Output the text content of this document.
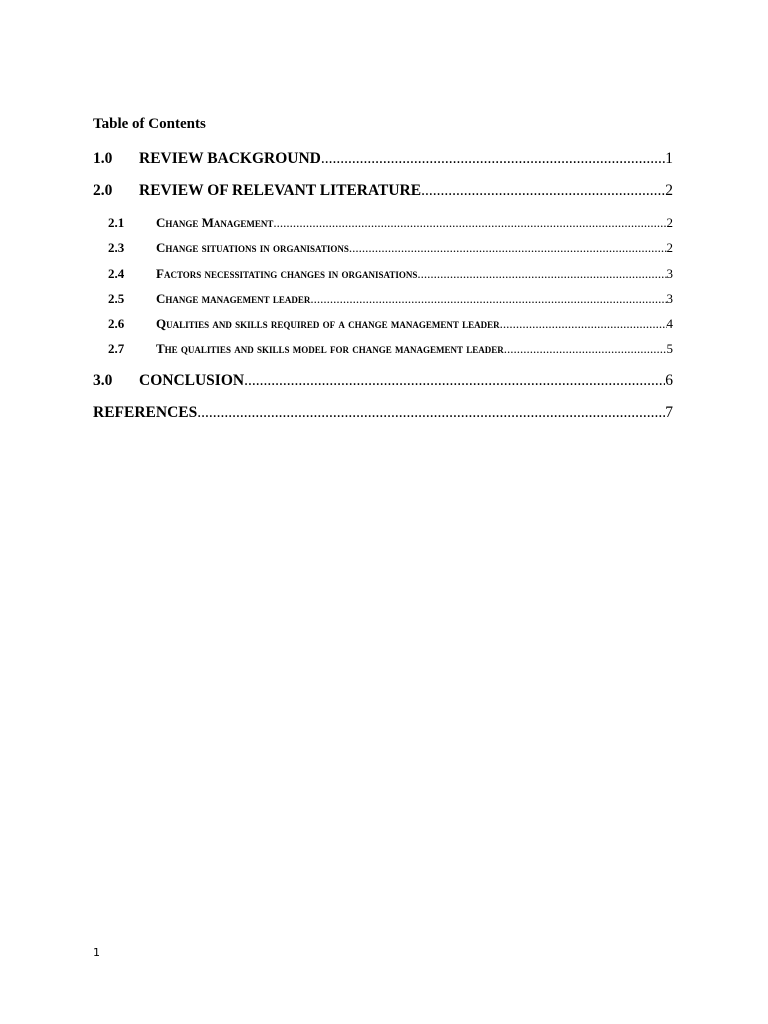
Table of Contents
1.0	REVIEW BACKGROUND .....	1
2.0	REVIEW OF RELEVANT LITERATURE .....	2
2.1	Change Management .....	2
2.3	Change situations in organisations .....	2
2.4	Factors necessitating changes in organisations .....	3
2.5	Change management leader .....	3
2.6	Qualities and skills required of a change management leader .....	4
2.7	The qualities and skills model for change management leader .....	5
3.0	CONCLUSION .....	6
REFERENCES .....	7
1
